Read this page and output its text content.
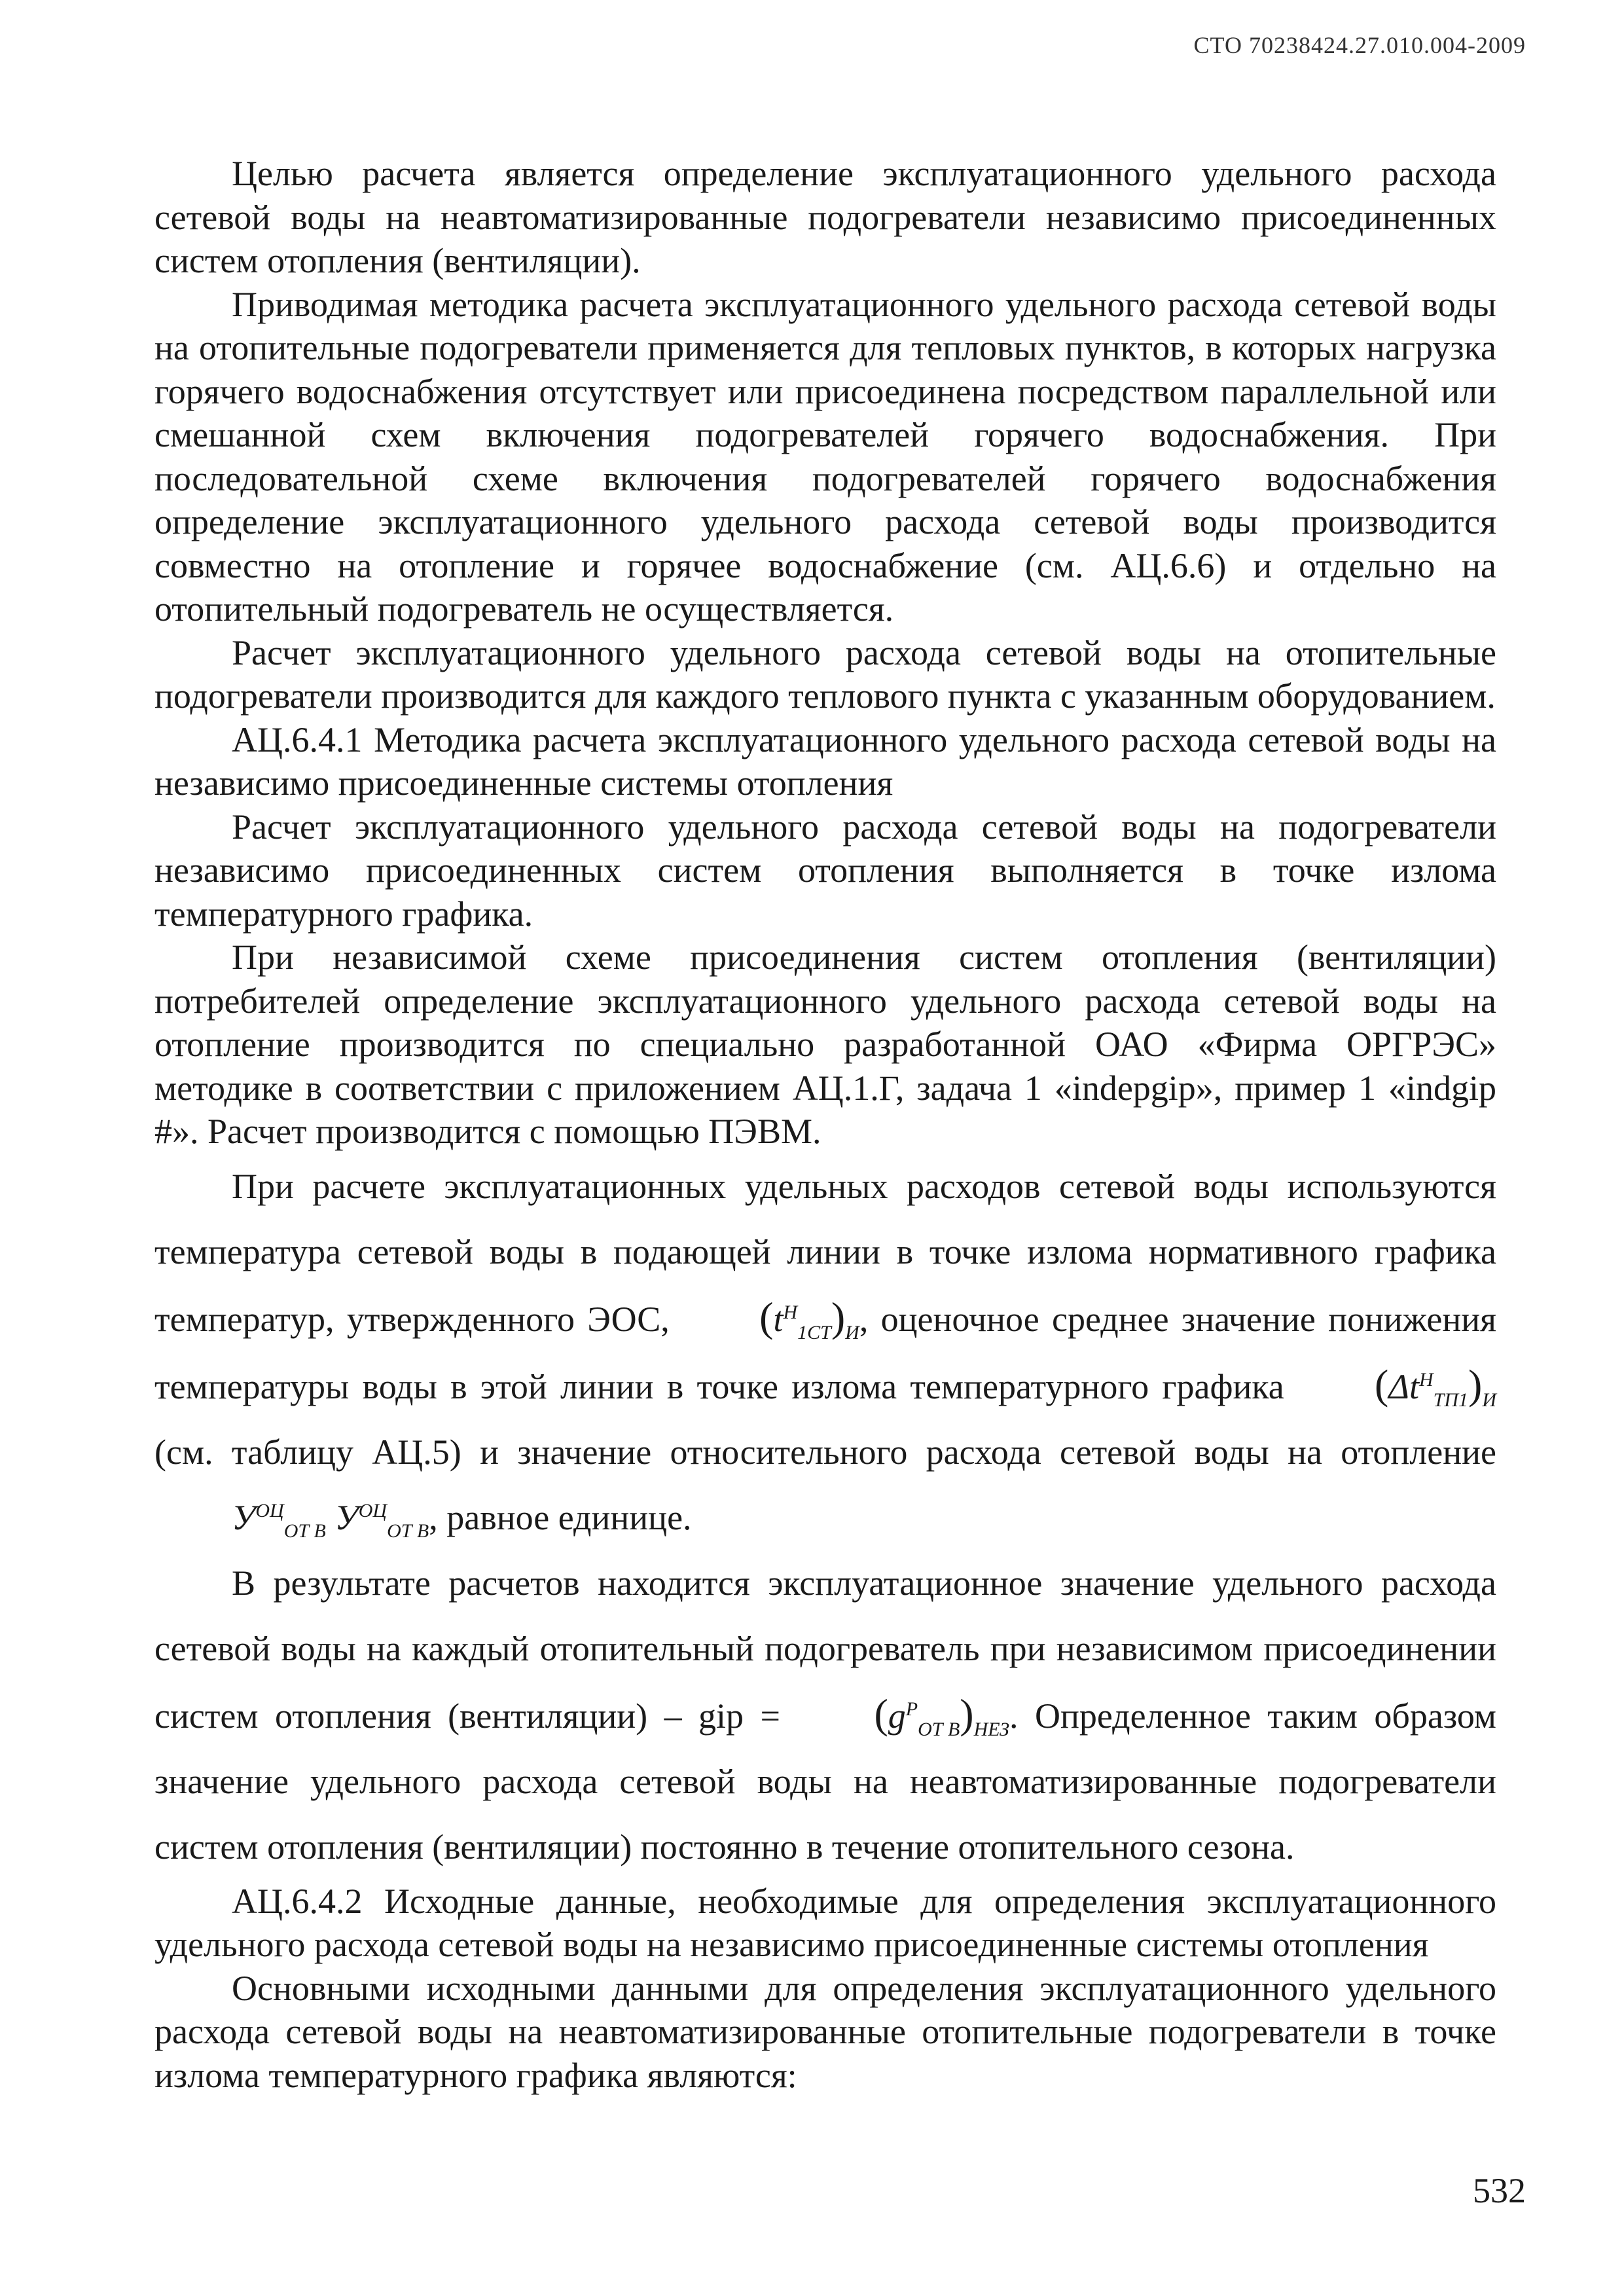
СТО 70238424.27.010.004-2009

Целью расчета является определение эксплуатационного удельного расхода сетевой воды на неавтоматизированные подогреватели независимо присоединенных систем отопления (вентиляции).

Приводимая методика расчета эксплуатационного удельного расхода сетевой воды на отопительные подогреватели применяется для тепловых пунктов, в которых нагрузка горячего водоснабжения отсутствует или присоединена посредством параллельной или смешанной схем включения подогревателей горячего водоснабжения. При последовательной схеме включения подогревателей горячего водоснабжения определение эксплуатационного удельного расхода сетевой воды производится совместно на отопление и горячее водоснабжение (см. АЦ.6.6) и отдельно на отопительный подогреватель не осуществляется.

Расчет эксплуатационного удельного расхода сетевой воды на отопительные подогреватели производится для каждого теплового пункта с указанным оборудованием.

АЦ.6.4.1 Методика расчета эксплуатационного удельного расхода сетевой воды на независимо присоединенные системы отопления

Расчет эксплуатационного удельного расхода сетевой воды на подогреватели независимо присоединенных систем отопления выполняется в точке излома температурного графика.

При независимой схеме присоединения систем отопления (вентиляции) потребителей определение эксплуатационного удельного расхода сетевой воды на отопление производится по специально разработанной ОАО «Фирма ОРГРЭС» методике в соответствии с приложением АЦ.1.Г, задача 1 «indepgip», пример 1 «indgip #». Расчет производится с помощью ПЭВМ.

При расчете эксплуатационных удельных расходов сетевой воды используются температура сетевой воды в подающей линии в точке излома нормативного графика температур, утвержденного ЭОС, $(t^Н_{1СТ})_И$, оценочное среднее значение понижения температуры воды в этой линии в точке излома температурного графика $(\Delta t^Н_{ТП1})_И$ (см. таблицу АЦ.5) и значение относительного расхода сетевой воды на отопление $У^{ОЦ}_{ОТ В}$ $У^{ОЦ}_{ОТ В}$, равное единице.

В результате расчетов находится эксплуатационное значение удельного расхода сетевой воды на каждый отопительный подогреватель при независимом присоединении систем отопления (вентиляции) – gip = $(g^Р_{ОТ В})_{НЕЗ}$. Определенное таким образом значение удельного расхода сетевой воды на неавтоматизированные подогреватели систем отопления (вентиляции) постоянно в течение отопительного сезона.

АЦ.6.4.2 Исходные данные, необходимые для определения эксплуатационного удельного расхода сетевой воды на независимо присоединенные системы отопления

Основными исходными данными для определения эксплуатационного удельного расхода сетевой воды на неавтоматизированные отопительные подогреватели в точке излома температурного графика являются:

532
